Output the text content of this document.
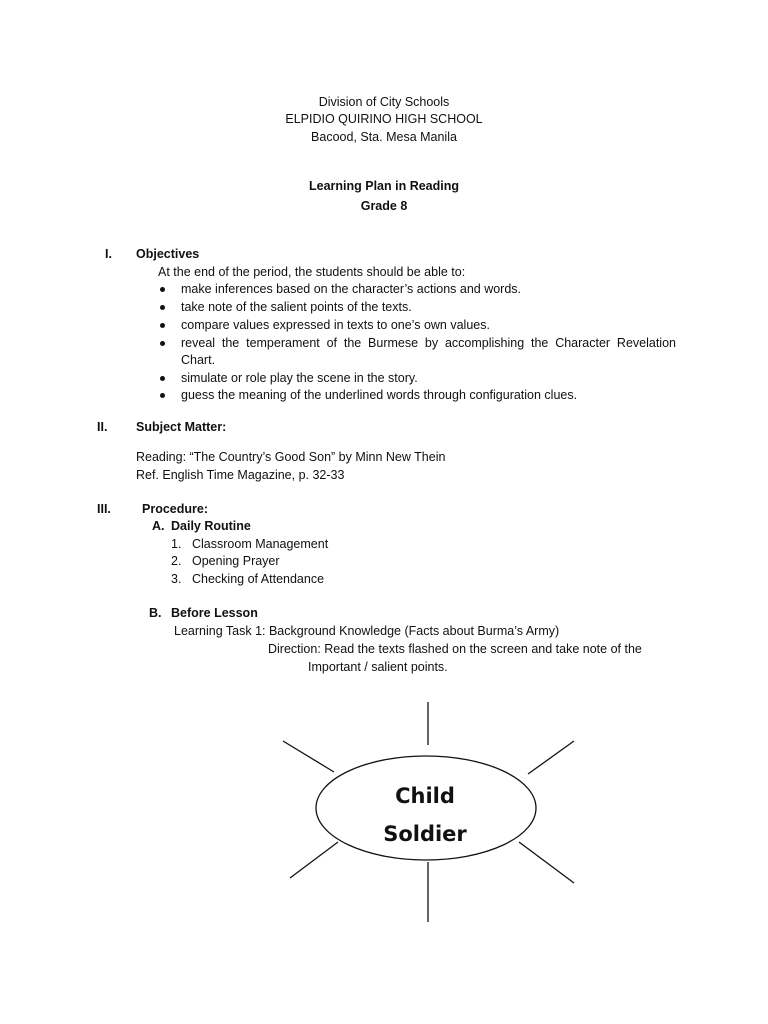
Division of City Schools
ELPIDIO QUIRINO HIGH SCHOOL
Bacood, Sta. Mesa Manila
Learning Plan in Reading
Grade 8
I. Objectives
At the end of the period, the students should be able to:
make inferences based on the character’s actions and words.
take note of the salient points of the texts.
compare values expressed in texts to one’s own values.
reveal the temperament of the Burmese by accomplishing the Character Revelation
Chart.
simulate or role play the scene in the story.
guess the meaning of the underlined words through configuration clues.
II. Subject Matter:
Reading: “The Country’s Good Son” by Minn New Thein
Ref. English Time Magazine, p. 32-33
III. Procedure:
A. Daily Routine
1. Classroom Management
2. Opening Prayer
3. Checking of Attendance
B. Before Lesson
Learning Task 1: Background Knowledge (Facts about Burma’s Army)
Direction: Read the texts flashed on the screen and take note of the
Important / salient points.
Child
Soldier
